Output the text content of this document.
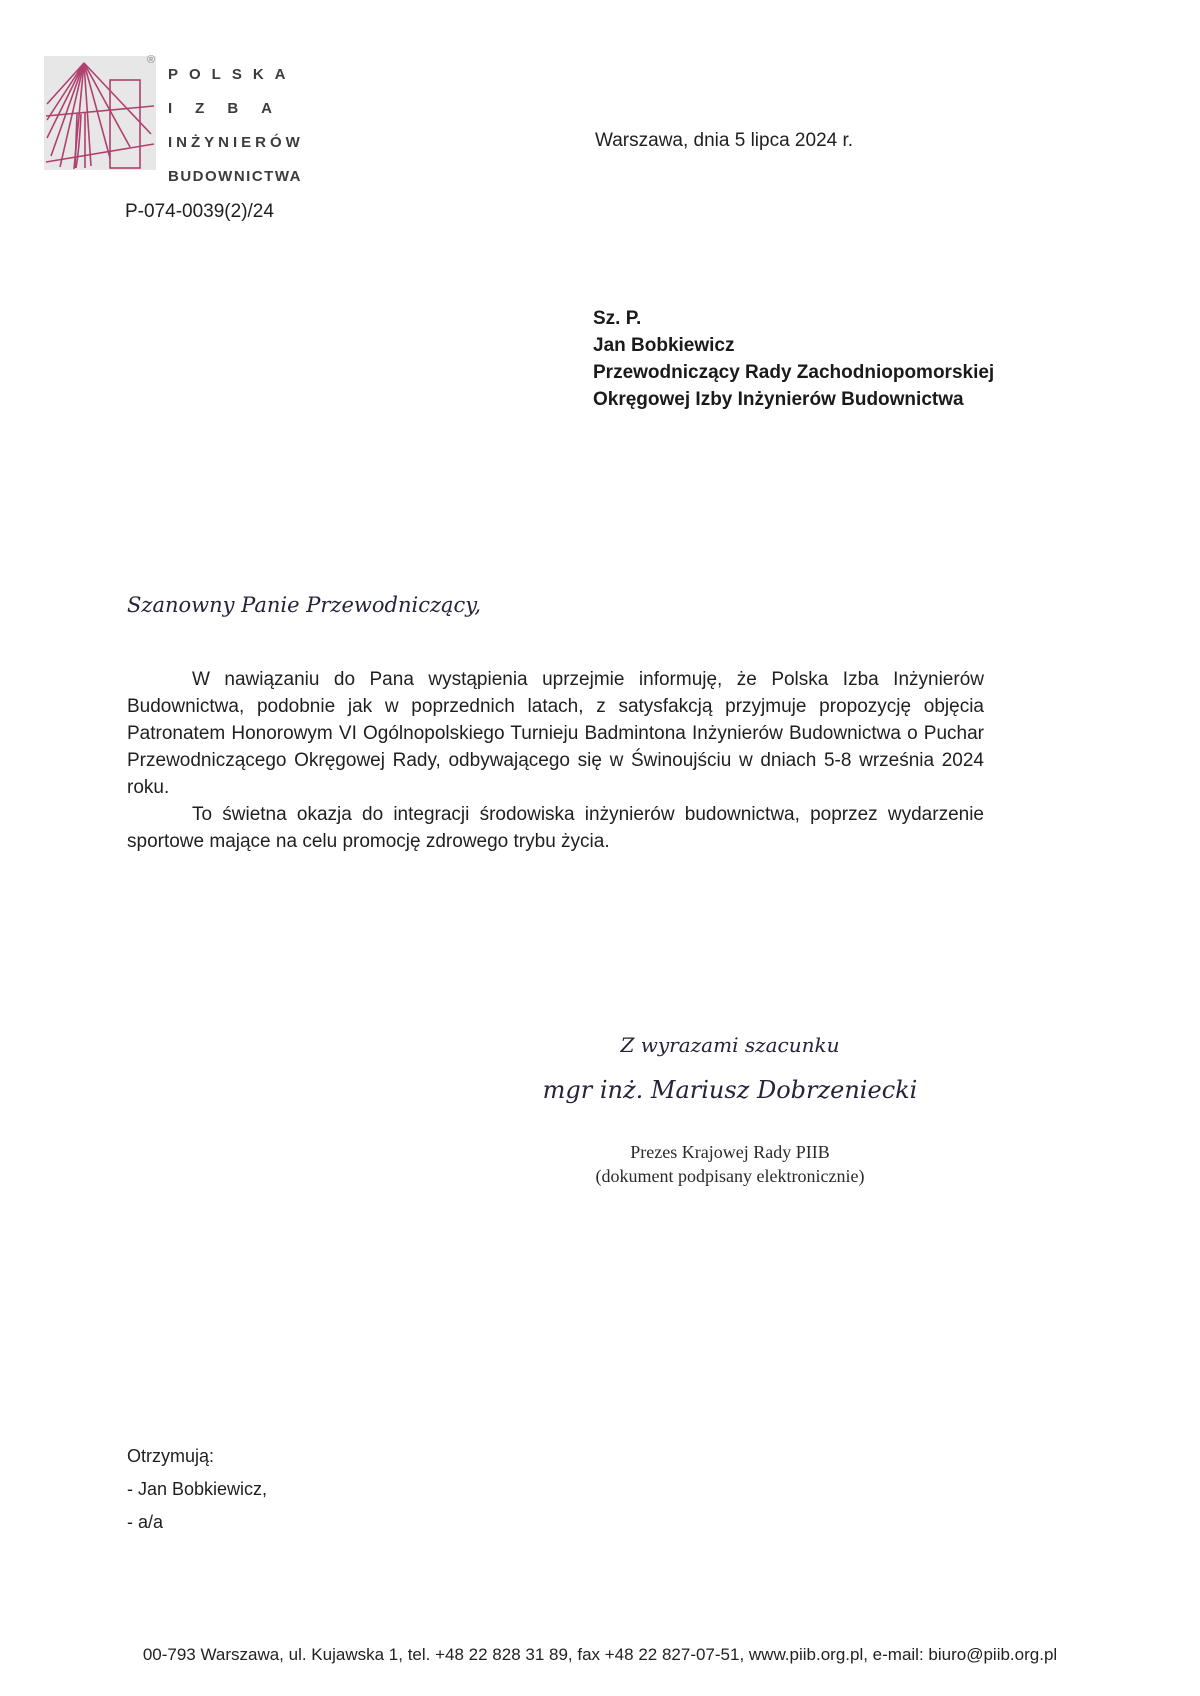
®
POLSKA
IZBA
INŻYNIERÓW
BUDOWNICTWA
Warszawa, dnia 5 lipca 2024 r.
P-074-0039(2)/24
Sz. P.
Jan Bobkiewicz
Przewodniczący Rady Zachodniopomorskiej
Okręgowej Izby Inżynierów Budownictwa
Szanowny Panie Przewodniczący,

W nawiązaniu do Pana wystąpienia uprzejmie informuję, że Polska Izba Inżynierów Budownictwa, podobnie jak w poprzednich latach, z satysfakcją przyjmuje propozycję objęcia Patronatem Honorowym VI Ogólnopolskiego Turnieju Badmintona Inżynierów Budownictwa o Puchar Przewodniczącego Okręgowej Rady, odbywającego się w Świnoujściu w dniach 5-8 września 2024 roku.

To świetna okazja do integracji środowiska inżynierów budownictwa, poprzez wydarzenie sportowe mające na celu promocję zdrowego trybu życia.

Z wyrazami szacunku
mgr inż. Mariusz Dobrzeniecki
Prezes Krajowej Rady PIIB
(dokument podpisany elektronicznie)
Otrzymują:
- Jan Bobkiewicz,
- a/a
00-793 Warszawa, ul. Kujawska 1, tel. +48 22 828 31 89, fax +48 22 827-07-51, www.piib.org.pl, e-mail: biuro@piib.org.pl
